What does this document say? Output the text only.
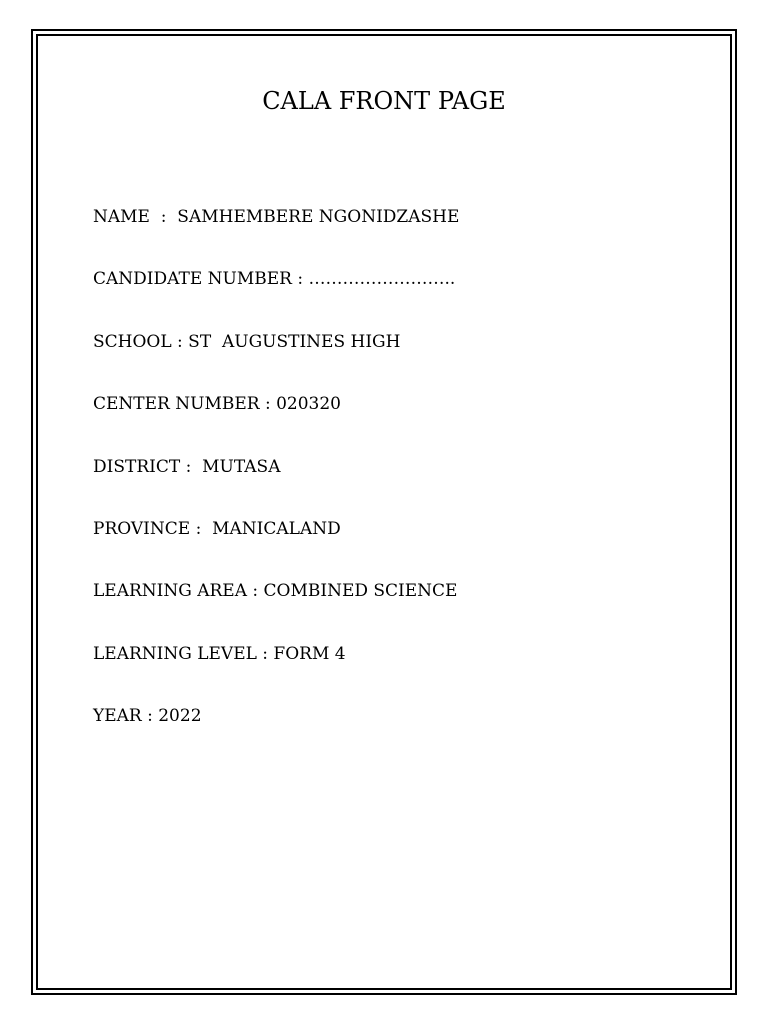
CALA FRONT PAGE
NAME  :  SAMHEMBERE NGONIDZASHE
CANDIDATE NUMBER : ……………………..
SCHOOL : ST  AUGUSTINES HIGH
CENTER NUMBER : 020320
DISTRICT :  MUTASA
PROVINCE :  MANICALAND
LEARNING AREA : COMBINED SCIENCE
LEARNING LEVEL : FORM 4
YEAR : 2022
